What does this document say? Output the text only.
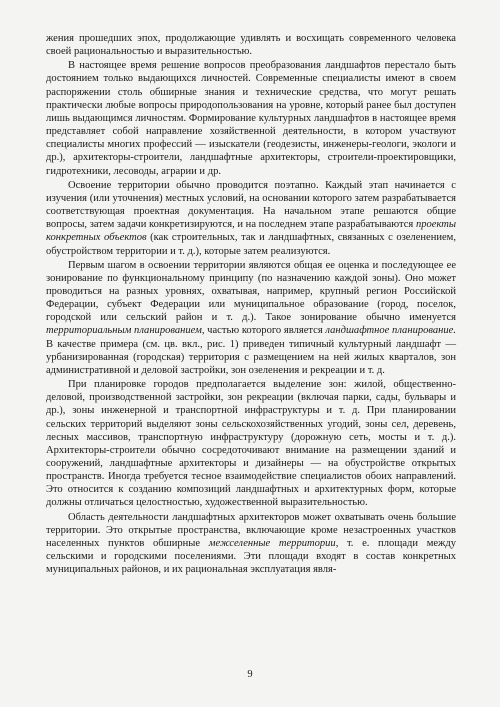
жения прошедших эпох, продолжающие удивлять и восхищать современного человека своей рациональностью и выразительностью.

В настоящее время решение вопросов преобразования ландшафтов перестало быть достоянием только выдающихся личностей. Современные специалисты имеют в своем распоряжении столь обширные знания и технические средства, что могут решать практически любые вопросы природопользования на уровне, который ранее был доступен лишь выдающимся личностям. Формирование культурных ландшафтов в настоящее время представляет собой направление хозяйственной деятельности, в котором участвуют специалисты многих профессий — изыскатели (геодезисты, инженеры-геологи, экологи и др.), архитекторы-строители, ландшафтные архитекторы, строители-проектировщики, гидротехники, лесоводы, аграрии и др.

Освоение территории обычно проводится поэтапно. Каждый этап начинается с изучения (или уточнения) местных условий, на основании которого затем разрабатывается соответствующая проектная документация. На начальном этапе решаются общие вопросы, затем задачи конкретизируются, и на последнем этапе разрабатываются проекты конкретных объектов (как строительных, так и ландшафтных, связанных с озеленением, обустройством территории и т. д.), которые затем реализуются.

Первым шагом в освоении территории являются общая ее оценка и последующее ее зонирование по функциональному принципу (по назначению каждой зоны). Оно может проводиться на разных уровнях, охватывая, например, крупный регион Российской Федерации, субъект Федерации или муниципальное образование (город, поселок, городской или сельский район и т. д.). Такое зонирование обычно именуется территориальным планированием, частью которого является ландшафтное планирование. В качестве примера (см. цв. вкл., рис. 1) приведен типичный культурный ландшафт — урбанизированная (городская) территория с размещением на ней жилых кварталов, зон административной и деловой застройки, зон озеленения и рекреации и т. д.

При планировке городов предполагается выделение зон: жилой, общественно-деловой, производственной застройки, зон рекреации (включая парки, сады, бульвары и др.), зоны инженерной и транспортной инфраструктуры и т. д. При планировании сельских территорий выделяют зоны сельскохозяйственных угодий, зоны сел, деревень, лесных массивов, транспортную инфраструктуру (дорожную сеть, мосты и т. д.). Архитекторы-строители обычно сосредоточивают внимание на размещении зданий и сооружений, ландшафтные архитекторы и дизайнеры — на обустройстве открытых пространств. Иногда требуется тесное взаимодействие специалистов обоих направлений. Это относится к созданию композиций ландшафтных и архитектурных форм, которые должны отличаться целостностью, художественной выразительностью.

Область деятельности ландшафтных архитекторов может охватывать очень большие территории. Это открытые пространства, включающие кроме незастроенных участков населенных пунктов обширные межселенные территории, т. е. площади между сельскими и городскими поселениями. Эти площади входят в состав конкретных муниципальных районов, и их рациональная эксплуатация явля-

9
